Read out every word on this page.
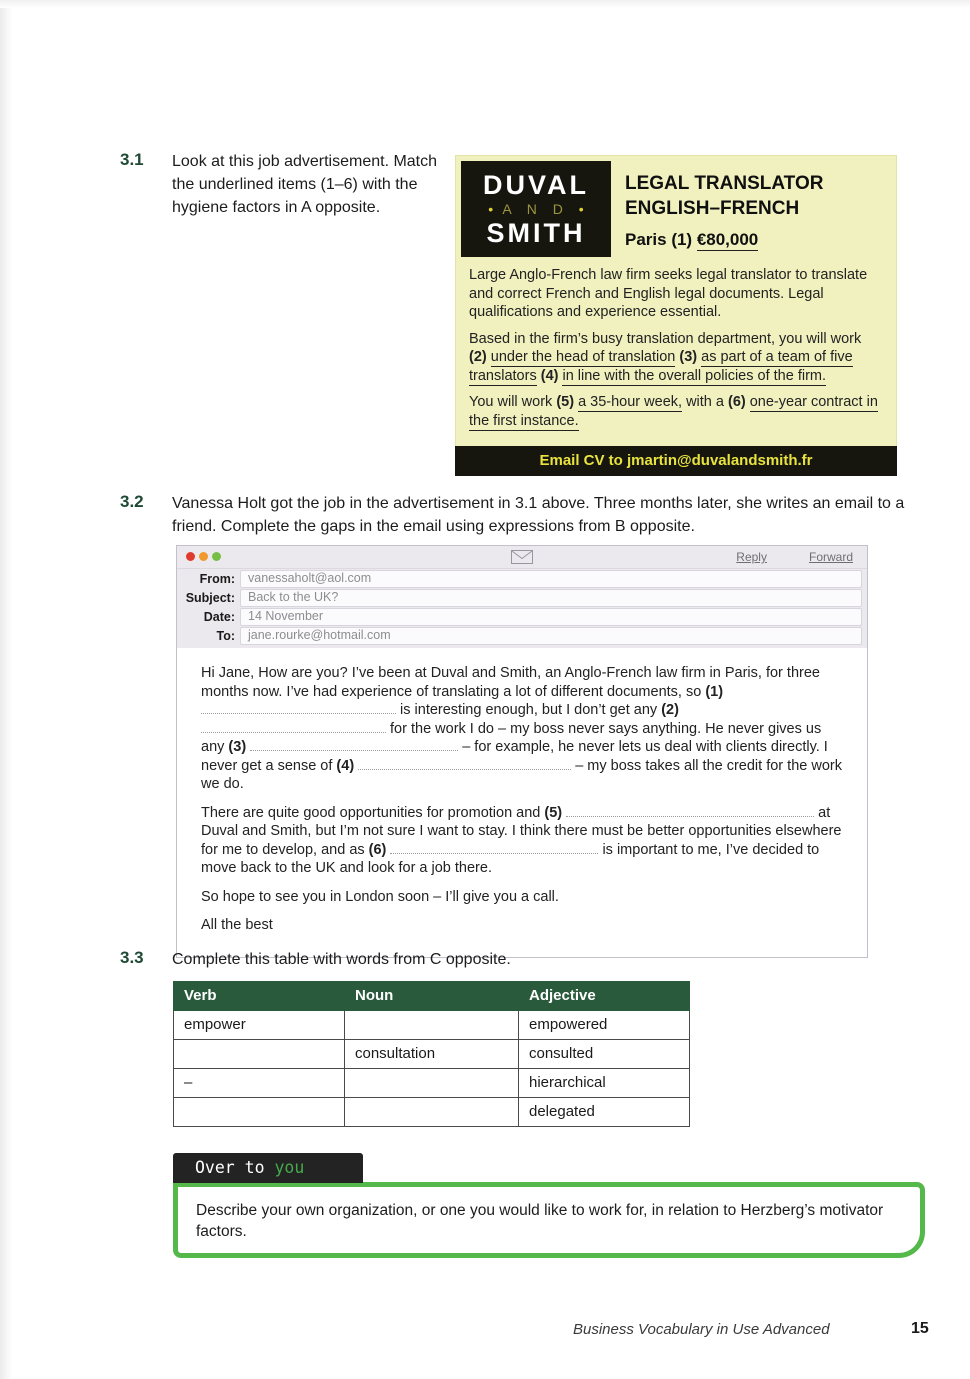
3.1 Look at this job advertisement. Match the underlined items (1–6) with the hygiene factors in A opposite.
DUVAL
• A N D •
SMITH
LEGAL TRANSLATOR
ENGLISH–FRENCH
Paris (1) €80,000

Large Anglo-French law firm seeks legal translator to translate and correct French and English legal documents. Legal qualifications and experience essential.

Based in the firm’s busy translation department, you will work (2) under the head of translation (3) as part of a team of five translators (4) in line with the overall policies of the firm.

You will work (5) a 35-hour week, with a (6) one-year contract in the first instance.

Email CV to jmartin@duvalandsmith.fr
3.2 Vanessa Holt got the job in the advertisement in 3.1 above. Three months later, she writes an email to a friend. Complete the gaps in the email using expressions from B opposite.
Reply	Forward
From:	vanessaholt@aol.com
Subject:	Back to the UK?
Date:	14 November
To:	jane.rourke@hotmail.com

Hi Jane, How are you? I’ve been at Duval and Smith, an Anglo-French law firm in Paris, for three months now. I’ve had experience of translating a lot of different documents, so (1)  is interesting enough, but I don’t get any (2)  for the work I do – my boss never says anything. He never gives us any (3)	– for example, he never lets us deal with clients directly. I never get a sense of (4)	– my boss takes all the credit for the work we do.

There are quite good opportunities for promotion and (5)	at Duval and Smith, but I’m not sure I want to stay. I think there must be better opportunities elsewhere for me to develop, and as (6)	is important to me, I’ve decided to move back to the UK and look for a job there.

So hope to see you in London soon – I’ll give you a call.

All the best

3.3 Complete this table with words from C opposite.
Verb	Noun	Adjective
empower		empowered
	consultation	consulted
–		hierarchical
		delegated
Over to you
Describe your own organization, or one you would like to work for, in relation to Herzberg’s motivator factors.
Business Vocabulary in Use Advanced	15
